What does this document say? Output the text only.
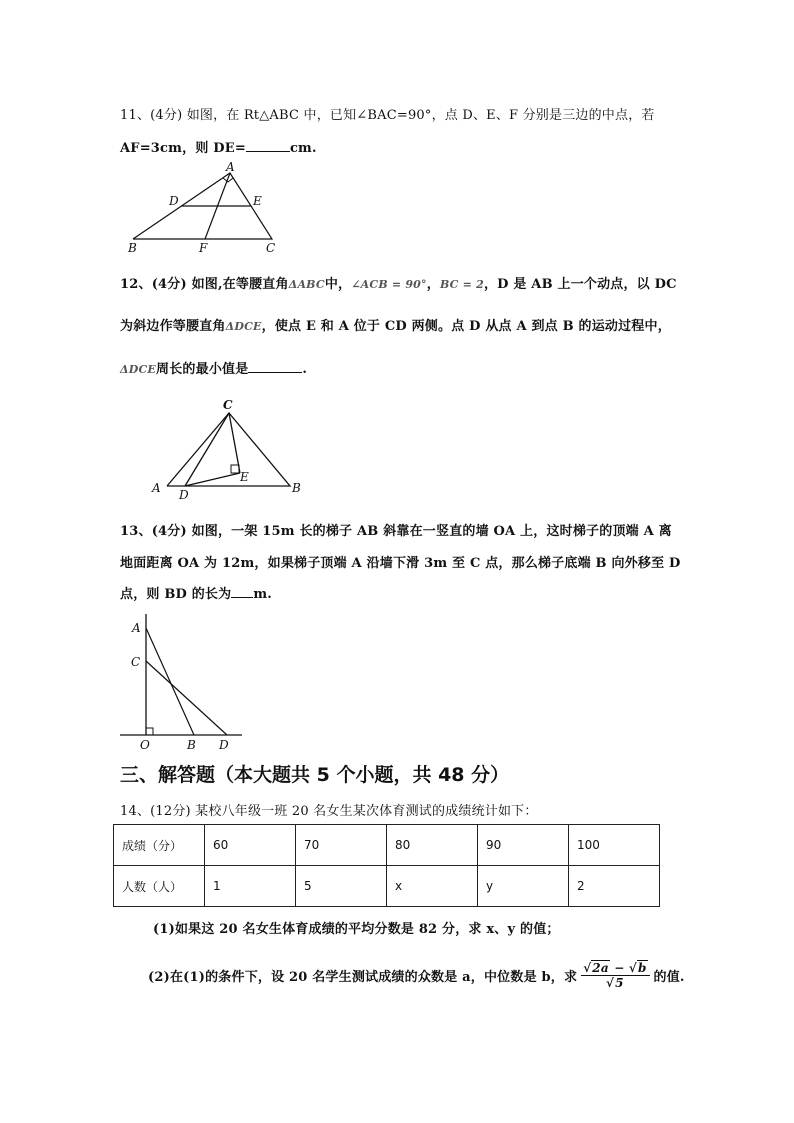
11、(4分) 如图，在 Rt△ABC 中，已知∠BAC=90°，点 D、E、F 分别是三边的中点，若
AF=3cm，则 DE=	cm.
A
D	E
B	F	C
12、(4分) 如图,在等腰直角ΔABC中，∠ACB = 90°，BC = 2，D 是 AB 上一个动点，以 DC
为斜边作等腰直角ΔDCE，使点 E 和 A 位于 CD 两侧。点 D 从点 A 到点 B 的运动过程中，
ΔDCE周长的最小值是	.
C
A D
E
B
13、(4分) 如图，一架 15m 长的梯子 AB 斜靠在一竖直的墙 OA 上，这时梯子的顶端 A 离
地面距离 OA 为 12m，如果梯子顶端 A 沿墙下滑 3m 至 C 点，那么梯子底端 B 向外移至 D
点，则 BD 的长为 m.
A
C
O	B D
三、解答题（本大题共 5 个小题，共 48 分）
14、(12分) 某校八年级一班 20 名女生某次体育测试的成绩统计如下：
成绩（分）	60	70	80	90	100
人数（人）	1	5	x	y	2
(1)如果这 20 名女生体育成绩的平均分数是 82 分，求 x、y 的值；
(2)在(1)的条件下，设 20 名学生测试成绩的众数是 a，中位数是 b，求 $\frac{√2a - √b}{√5}$ 的值.
